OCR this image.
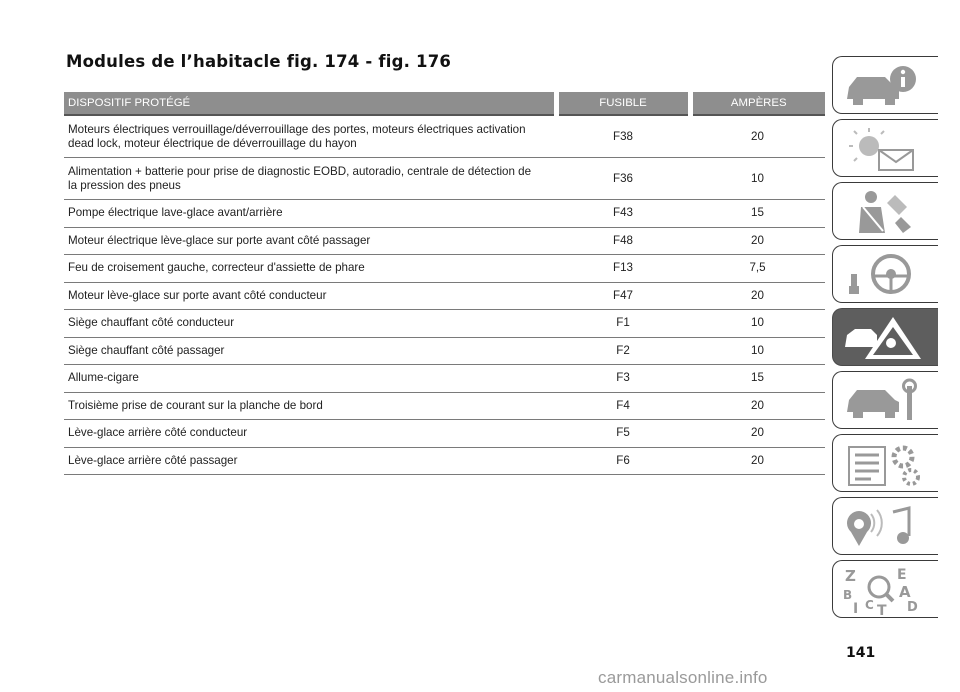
Modules de l’habitacle fig. 174 - fig. 176
DISPOSITIF PROTÉGÉ	FUSIBLE	AMPÈRES
Moteurs électriques verrouillage/déverrouillage des portes, moteurs électriques activation
dead lock, moteur électrique de déverrouillage du hayon	F38	20
Alimentation + batterie pour prise de diagnostic EOBD, autoradio, centrale de détection de
la pression des pneus	F36	10
Pompe électrique lave-glace avant/arrière	F43	15
Moteur électrique lève-glace sur porte avant côté passager	F48	20
Feu de croisement gauche, correcteur d'assiette de phare	F13	7,5
Moteur lève-glace sur porte avant côté conducteur	F47	20
Siège chauffant côté conducteur	F1	10
Siège chauffant côté passager	F2	10
Allume-cigare	F3	15
Troisième prise de courant sur la planche de bord	F4	20
Lève-glace arrière côté conducteur	F5	20
Lève-glace arrière côté passager	F6	20
Z	E
B	A
I C T D
141
carmanualsonline.info
